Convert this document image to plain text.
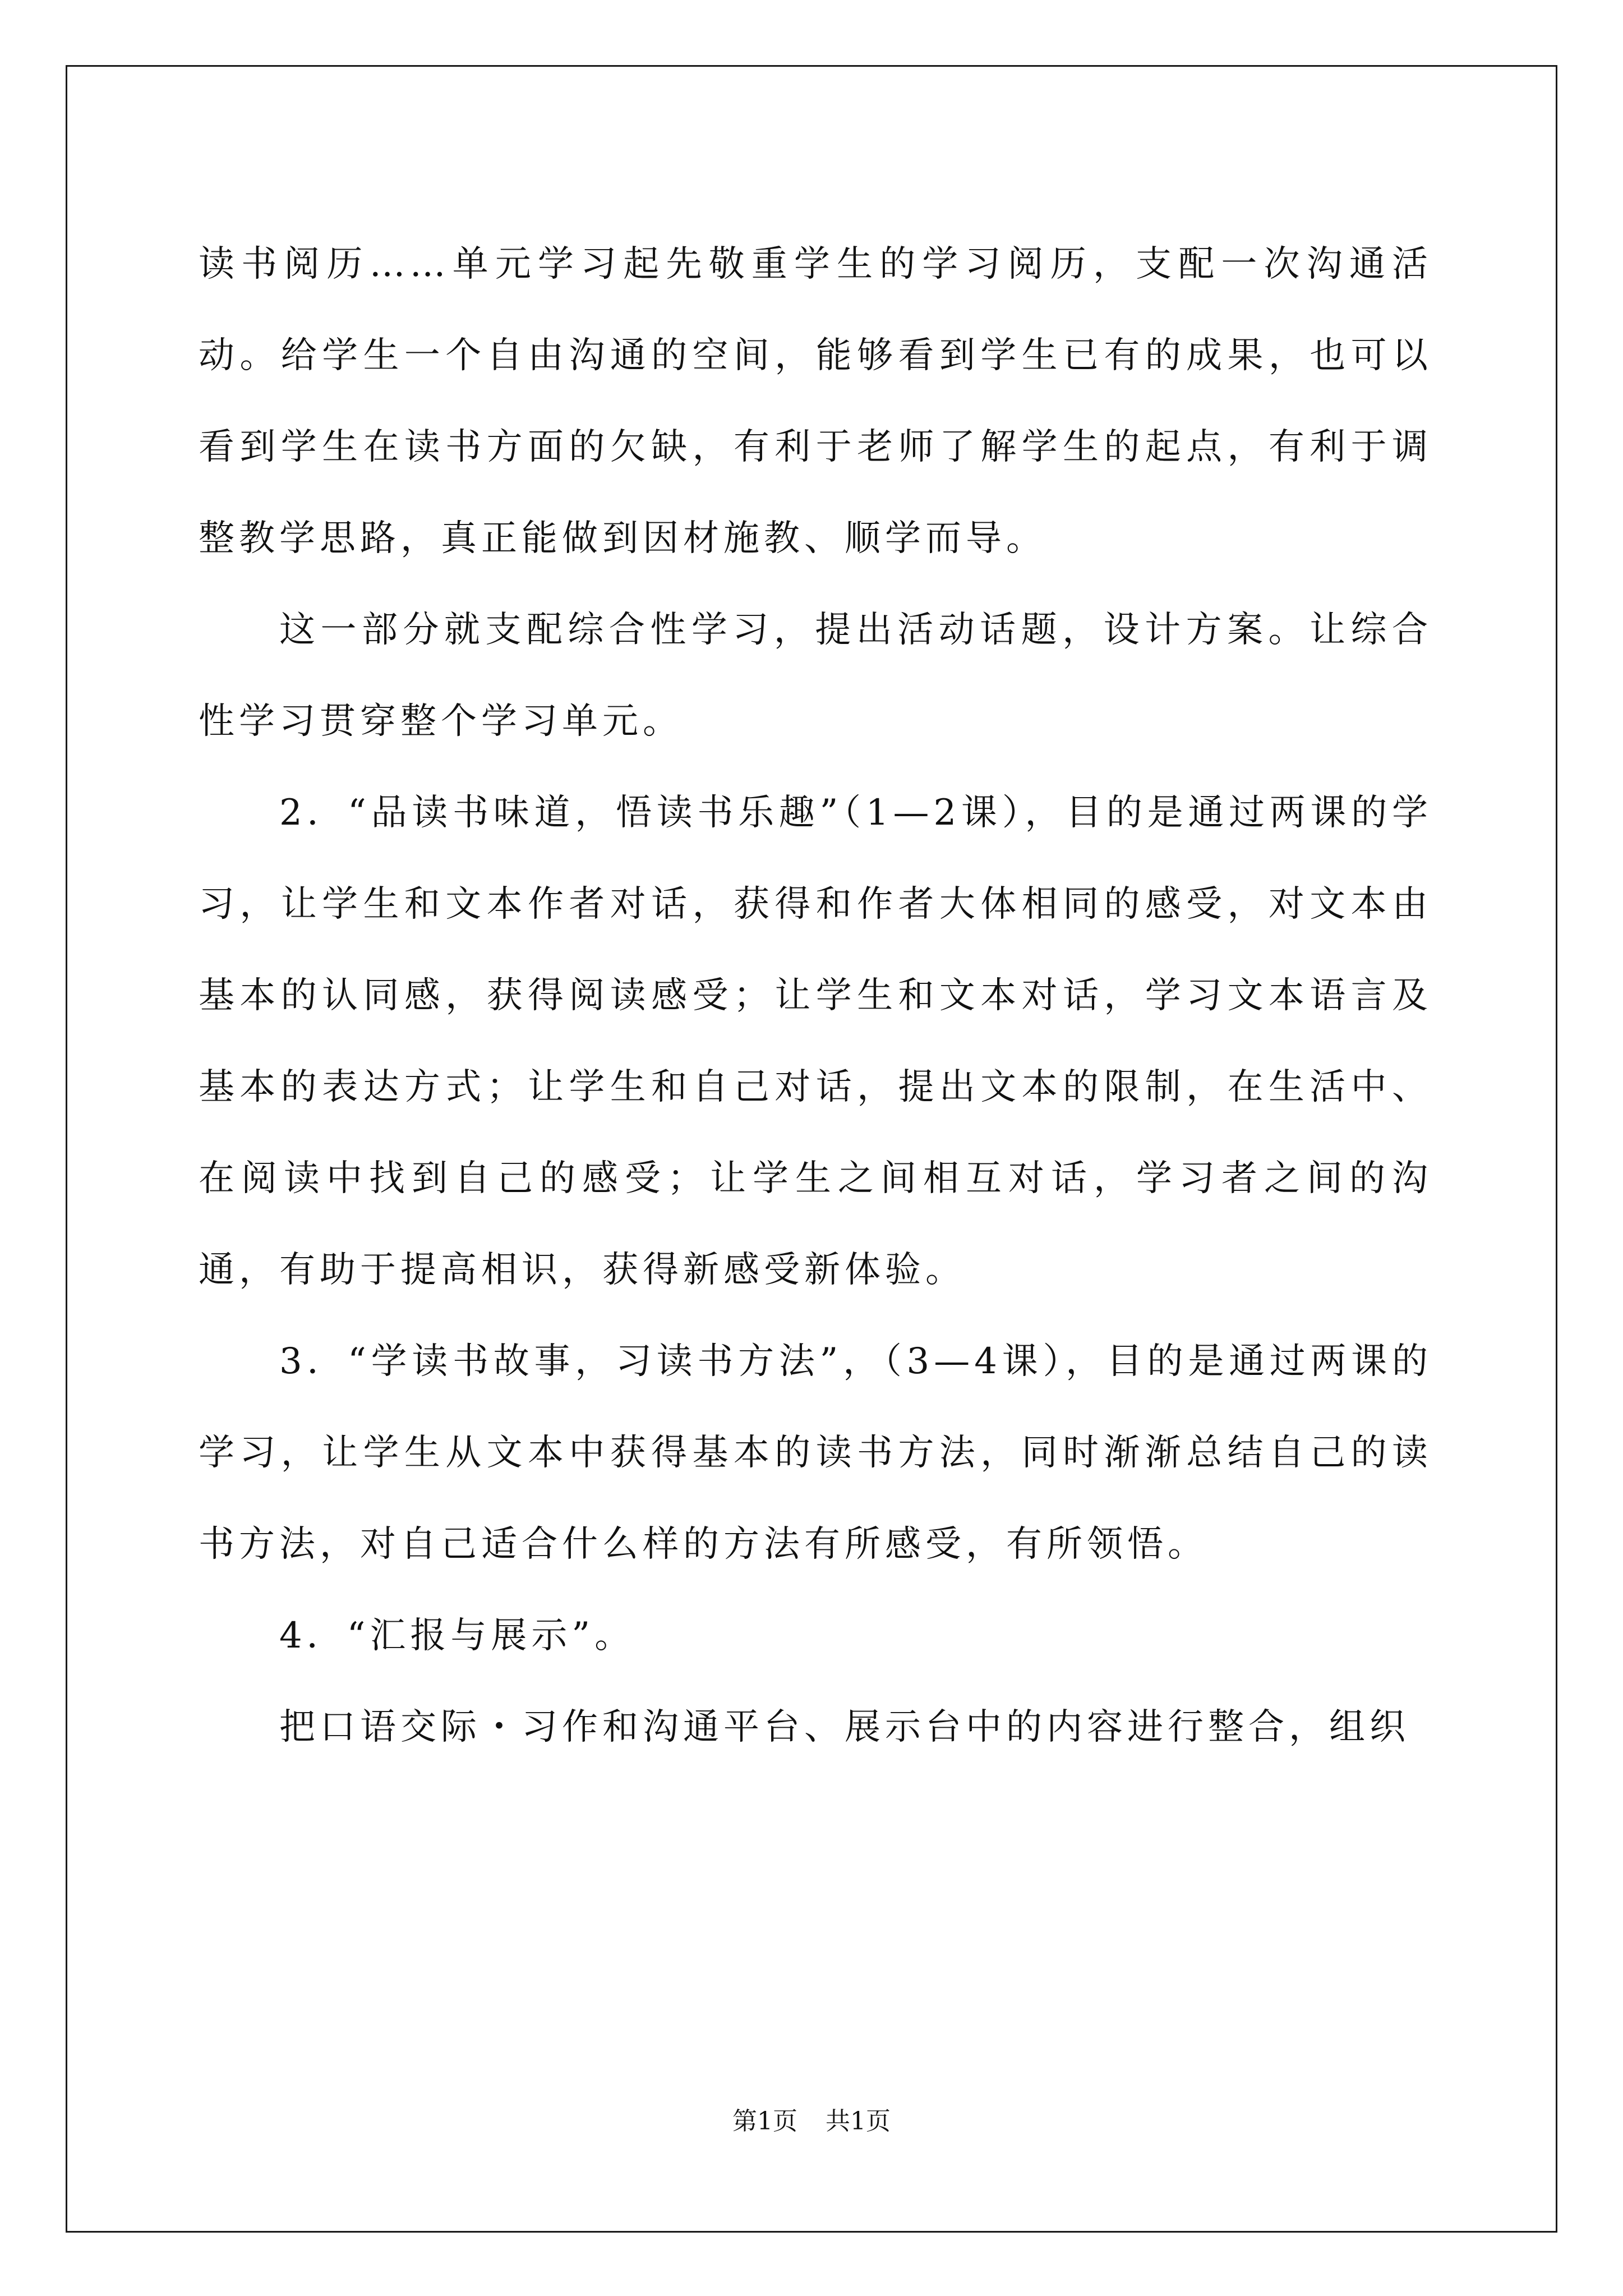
读书阅历……单元学习起先敬重学生的学习阅历，支配一次沟通活动。给学生一个自由沟通的空间，能够看到学生已有的成果，也可以看到学生在读书方面的欠缺，有利于老师了解学生的起点，有利于调整教学思路，真正能做到因材施教、顺学而导。

这一部分就支配综合性学习，提出活动话题，设计方案。让综合性学习贯穿整个学习单元。

2．“品读书味道，悟读书乐趣”（1—2课），目的是通过两课的学习，让学生和文本作者对话，获得和作者大体相同的感受，对文本由基本的认同感，获得阅读感受；让学生和文本对话，学习文本语言及基本的表达方式；让学生和自己对话，提出文本的限制，在生活中、在阅读中找到自己的感受；让学生之间相互对话，学习者之间的沟通，有助于提高相识，获得新感受新体验。

3．“学读书故事，习读书方法”，（3—4课），目的是通过两课的学习，让学生从文本中获得基本的读书方法，同时渐渐总结自己的读书方法，对自己适合什么样的方法有所感受，有所领悟。

4．“汇报与展示”。

把口语交际・习作和沟通平台、展示台中的内容进行整合，组织

第1页 共1页
